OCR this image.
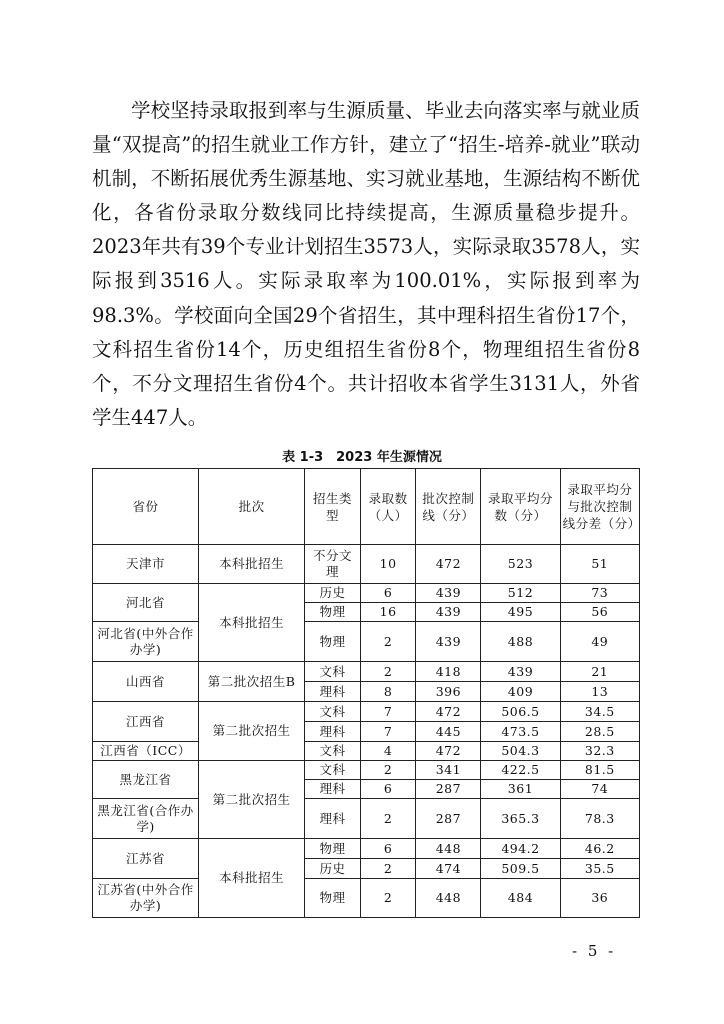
学校坚持录取报到率与生源质量、毕业去向落实率与就业质量“双提高”的招生就业工作方针，建立了“招生-培养-就业”联动机制，不断拓展优秀生源基地、实习就业基地，生源结构不断优化，各省份录取分数线同比持续提高，生源质量稳步提升。2023年共有39个专业计划招生3573人，实际录取3578人，实际报到3516人。实际录取率为100.01%，实际报到率为98.3%。学校面向全国29个省招生，其中理科招生省份17个，文科招生省份14个，历史组招生省份8个，物理组招生省份8个，不分文理招生省份4个。共计招收本省学生3131人，外省学生447人。

表 1-3　2023 年生源情况
省份	批次	招生类型	录取数（人）	批次控制线（分）	录取平均分数（分）	录取平均分与批次控制线分差（分）
天津市	本科批招生	不分文理	10	472	523	51
河北省	本科批招生	历史	6	439	512	73
		物理	16	439	495	56
河北省(中外合作办学)		物理	2	439	488	49
山西省	第二批次招生B	文科	2	418	439	21
		理科	8	396	409	13
江西省	第二批次招生	文科	7	472	506.5	34.5
		理科	7	445	473.5	28.5
江西省（ICC）		文科	4	472	504.3	32.3
黑龙江省	第二批次招生	文科	2	341	422.5	81.5
		理科	6	287	361	74
黑龙江省(合作办学)		理科	2	287	365.3	78.3
江苏省	本科批招生	物理	6	448	494.2	46.2
		历史	2	474	509.5	35.5
江苏省(中外合作办学)		物理	2	448	484	36
- 5 -
